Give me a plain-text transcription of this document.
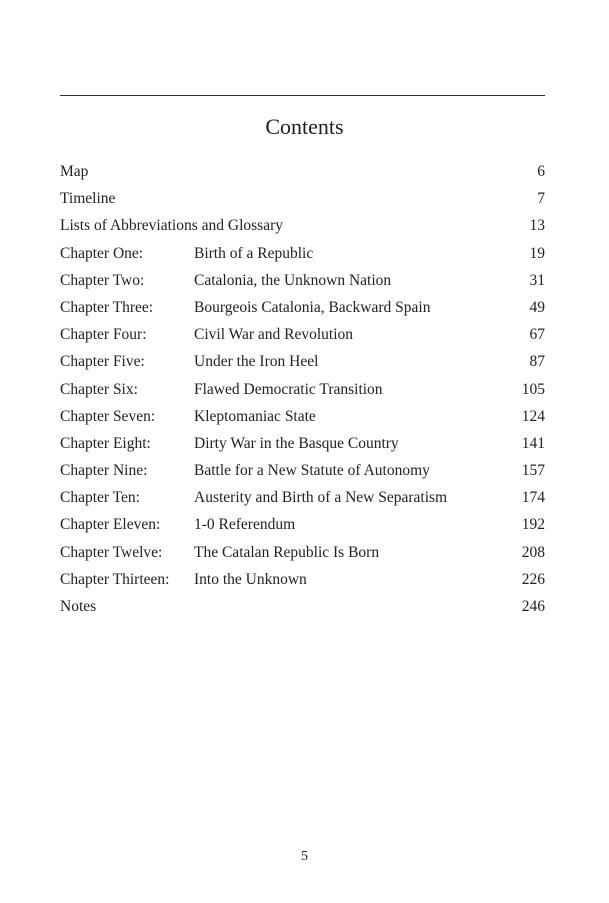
Contents
Map	6
Timeline	7
Lists of Abbreviations and Glossary	13
Chapter One:	Birth of a Republic	19
Chapter Two:	Catalonia, the Unknown Nation	31
Chapter Three:	Bourgeois Catalonia, Backward Spain	49
Chapter Four:	Civil War and Revolution	67
Chapter Five:	Under the Iron Heel	87
Chapter Six:	Flawed Democratic Transition	105
Chapter Seven:	Kleptomaniac State	124
Chapter Eight:	Dirty War in the Basque Country	141
Chapter Nine:	Battle for a New Statute of Autonomy	157
Chapter Ten:	Austerity and Birth of a New Separatism	174
Chapter Eleven: 1-0 Referendum	192
Chapter Twelve: The Catalan Republic Is Born	208
Chapter Thirteen: Into the Unknown	226
Notes	246
5
